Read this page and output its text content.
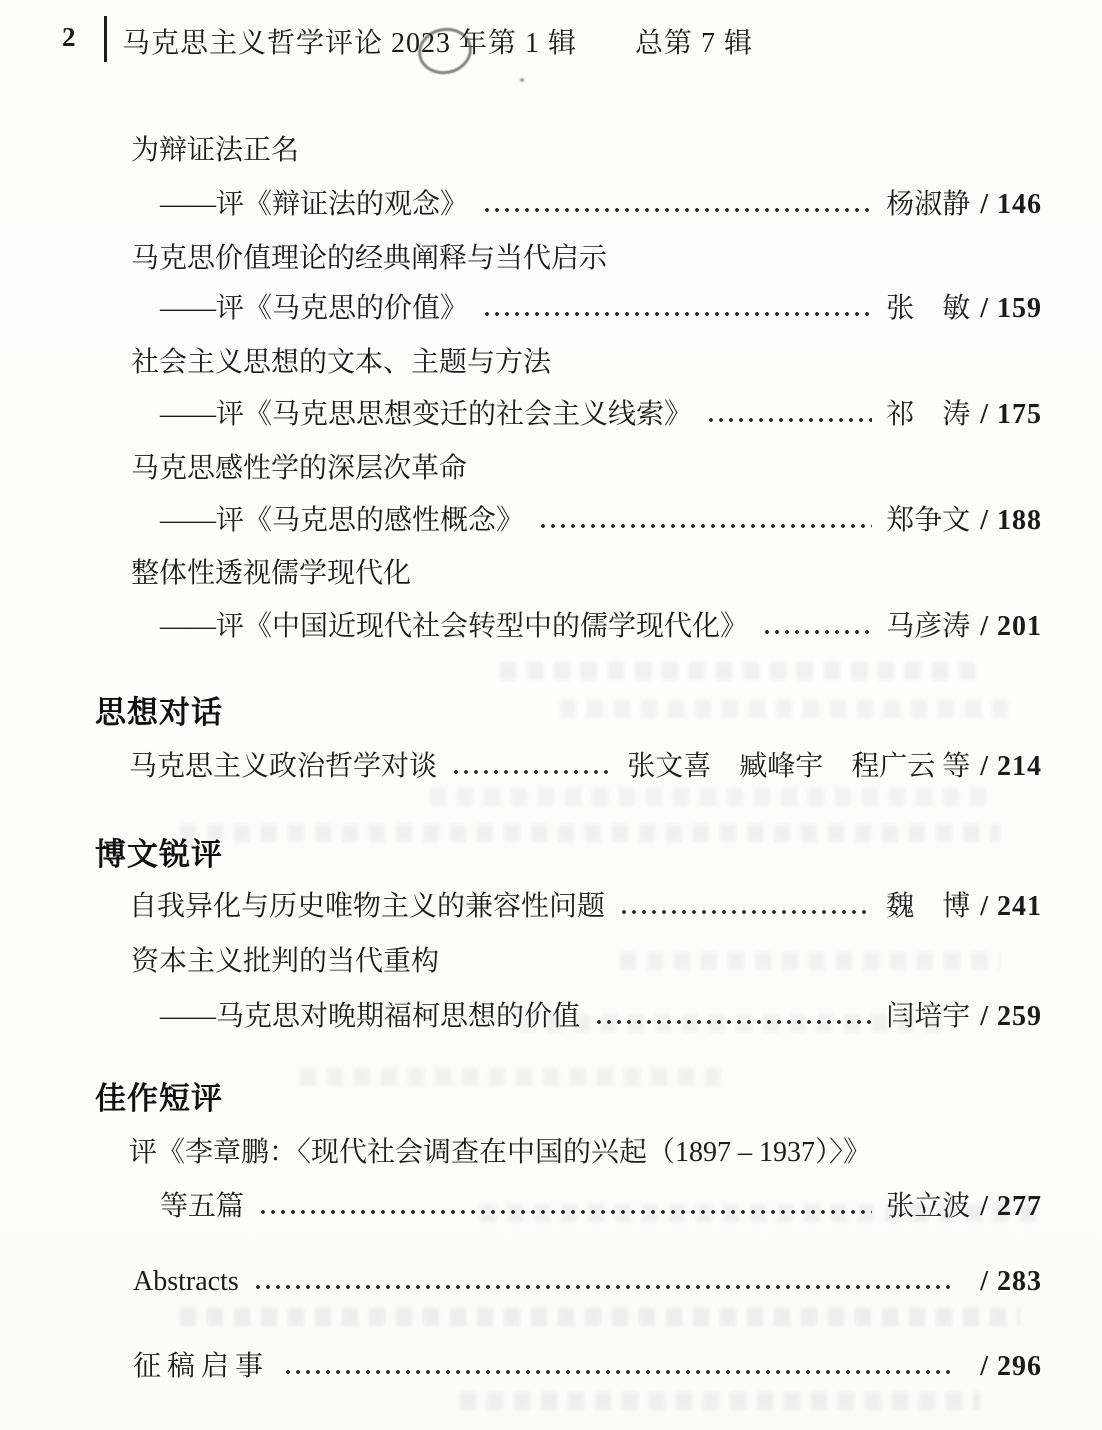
2 马克思主义哲学评论 2023 年第 1 辑　　总第 7 辑
为辩证法正名
——评《辩证法的观念》	杨淑静 / 146
马克思价值理论的经典阐释与当代启示
——评《马克思的价值》	张　敏 / 159
社会主义思想的文本、主题与方法
——评《马克思思想变迁的社会主义线索》	祁　涛 / 175
马克思感性学的深层次革命
——评《马克思的感性概念》	郑争文 / 188
整体性透视儒学现代化
——评《中国近现代社会转型中的儒学现代化》	马彦涛 / 201
思想对话
马克思主义政治哲学对谈	张文喜　臧峰宇　程广云 等 / 214
博文锐评
自我异化与历史唯物主义的兼容性问题	魏　博 / 241
资本主义批判的当代重构
——马克思对晚期福柯思想的价值	闫培宇 / 259
佳作短评
评《李章鹏：〈现代社会调查在中国的兴起（1897 – 1937）〉》
等五篇	张立波 / 277
Abstracts	/ 283
征稿启事	/ 296
